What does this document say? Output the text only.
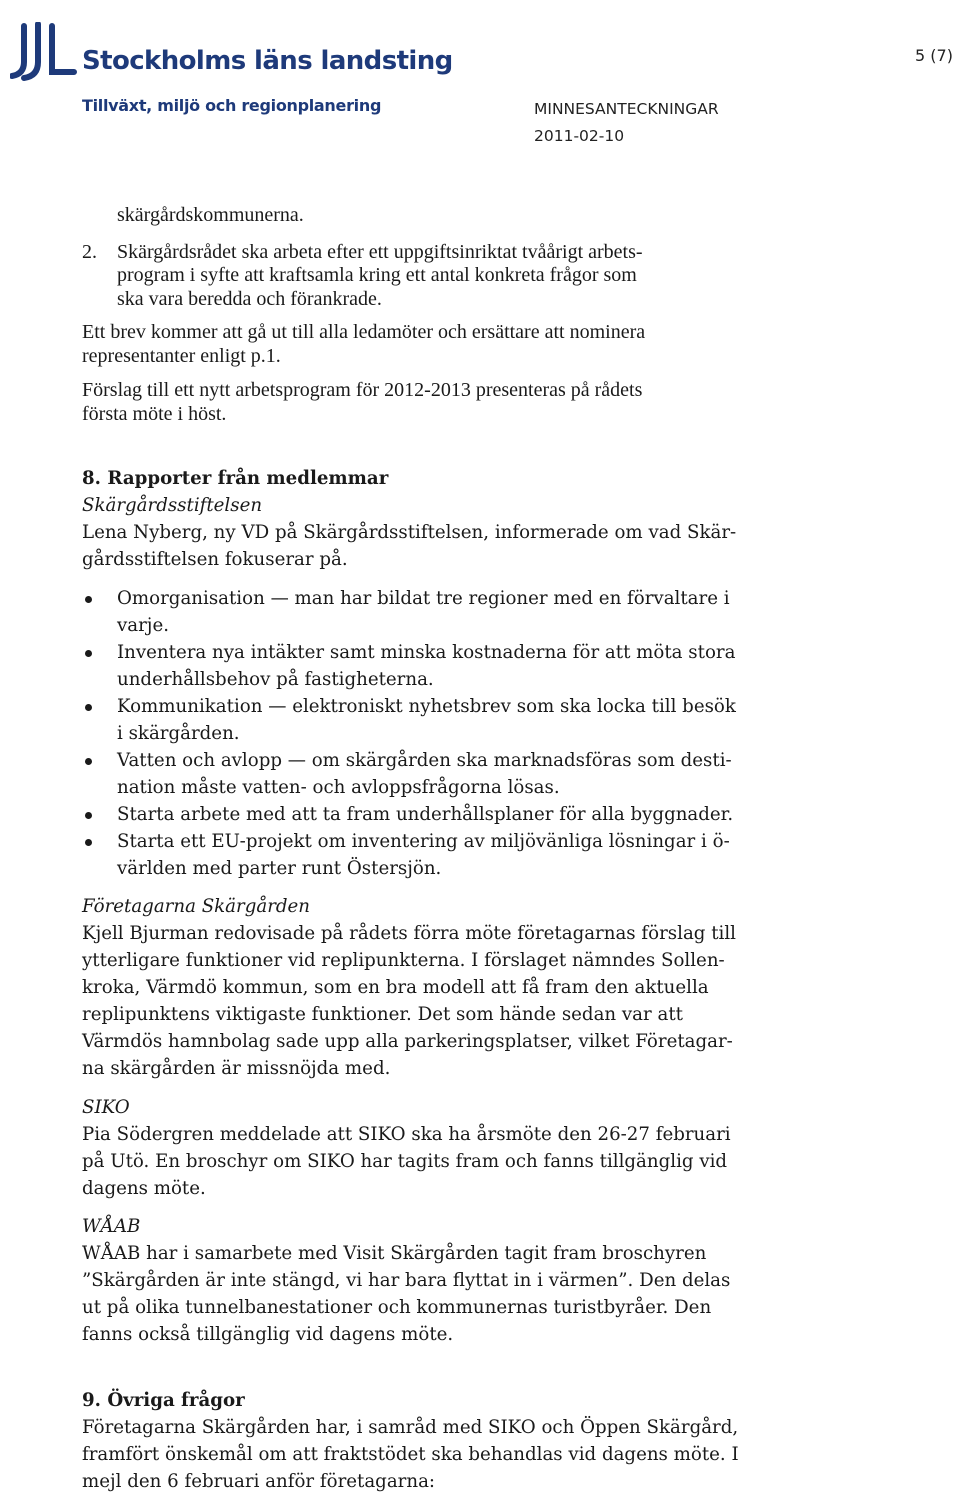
Stockholms läns landsting
Tillväxt, miljö och regionplanering
5 (7)
MINNESANTECKNINGAR
2011-02-10
skärgårdskommunerna.
2. Skärgårdsrådet ska arbeta efter ett uppgiftsinriktat tvåårigt arbets-
program i syfte att kraftsamla kring ett antal konkreta frågor som
ska vara beredda och förankrade.
Ett brev kommer att gå ut till alla ledamöter och ersättare att nominera
representanter enligt p.1.
Förslag till ett nytt arbetsprogram för 2012-2013 presenteras på rådets
första möte i höst.
8. Rapporter från medlemmar
Skärgårdsstiftelsen
Lena Nyberg, ny VD på Skärgårdsstiftelsen, informerade om vad Skär-
gårdsstiftelsen fokuserar på.
Omorganisation — man har bildat tre regioner med en förvaltare i
varje.
Inventera nya intäkter samt minska kostnaderna för att möta stora
underhållsbehov på fastigheterna.
Kommunikation — elektroniskt nyhetsbrev som ska locka till besök
i skärgården.
Vatten och avlopp — om skärgården ska marknadsföras som desti-
nation måste vatten- och avloppsfrågorna lösas.
Starta arbete med att ta fram underhållsplaner för alla byggnader.
Starta ett EU-projekt om inventering av miljövänliga lösningar i ö-
världen med parter runt Östersjön.
Företagarna Skärgården
Kjell Bjurman redovisade på rådets förra möte företagarnas förslag till
ytterligare funktioner vid replipunkterna. I förslaget nämndes Sollen-
kroka, Värmdö kommun, som en bra modell att få fram den aktuella
replipunktens viktigaste funktioner. Det som hände sedan var att
Värmdös hamnbolag sade upp alla parkeringsplatser, vilket Företagar-
na skärgården är missnöjda med.
SIKO
Pia Södergren meddelade att SIKO ska ha årsmöte den 26-27 februari
på Utö. En broschyr om SIKO har tagits fram och fanns tillgänglig vid
dagens möte.
WÅAB
WÅAB har i samarbete med Visit Skärgården tagit fram broschyren
”Skärgården är inte stängd, vi har bara flyttat in i värmen”. Den delas
ut på olika tunnelbanestationer och kommunernas turistbyråer. Den
fanns också tillgänglig vid dagens möte.
9. Övriga frågor
Företagarna Skärgården har, i samråd med SIKO och Öppen Skärgård,
framfört önskemål om att fraktstödet ska behandlas vid dagens möte. I
mejl den 6 februari anför företagarna:
